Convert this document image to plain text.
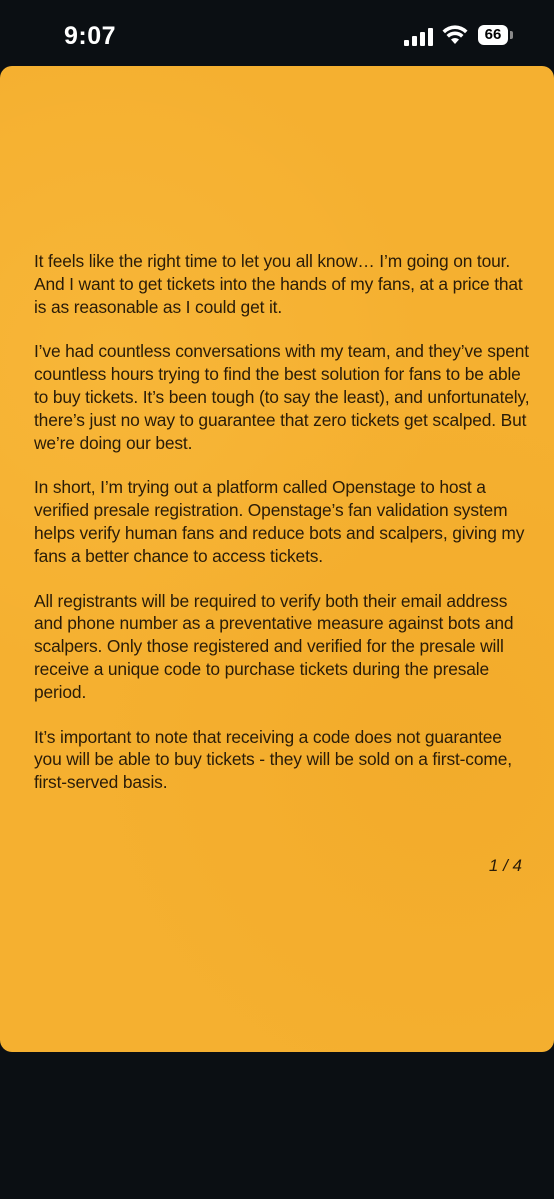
9:07	66

It feels like the right time to let you all know… I’m going on tour. And I want to get tickets into the hands of my fans, at a price that is as reasonable as I could get it.

I’ve had countless conversations with my team, and they’ve spent countless hours trying to find the best solution for fans to be able to buy tickets. It’s been tough (to say the least), and unfortunately, there’s just no way to guarantee that zero tickets get scalped. But we’re doing our best.

In short, I’m trying out a platform called Openstage to host a verified presale registration. Openstage’s fan validation system helps verify human fans and reduce bots and scalpers, giving my fans a better chance to access tickets.

All registrants will be required to verify both their email address and phone number as a preventative measure against bots and scalpers. Only those registered and verified for the presale will receive a unique code to purchase tickets during the presale period.

It’s important to note that receiving a code does not guarantee you will be able to buy tickets - they will be sold on a first-come, first-served basis.

1 / 4
